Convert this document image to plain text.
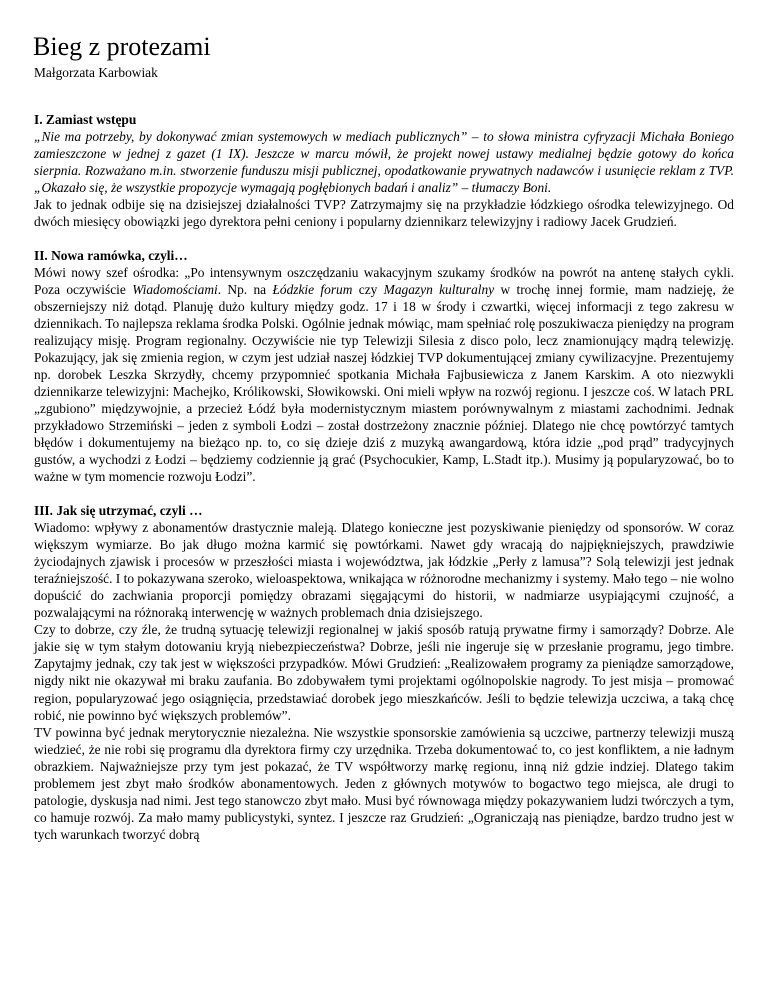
Bieg z protezami
Małgorzata Karbowiak
I. Zamiast wstępu

„Nie ma potrzeby, by dokonywać zmian systemowych w mediach publicznych” – to słowa ministra cyfryzacji Michała Boniego zamieszczone w jednej z gazet (1 IX). Jeszcze w marcu mówił, że projekt nowej ustawy medialnej będzie gotowy do końca sierpnia. Rozważano m.in. stworzenie funduszu misji publicznej, opodatkowanie prywatnych nadawców i usunięcie reklam z TVP. „Okazało się, że wszystkie propozycje wymagają pogłębionych badań i analiz” – tłumaczy Boni.

Jak to jednak odbije się na dzisiejszej działalności TVP? Zatrzymajmy się na przykładzie łódzkiego ośrodka telewizyjnego. Od dwóch miesięcy obowiązki jego dyrektora pełni ceniony i popularny dziennikarz telewizyjny i radiowy Jacek Grudzień.

II. Nowa ramówka, czyli…

Mówi nowy szef ośrodka: „Po intensywnym oszczędzaniu wakacyjnym szukamy środków na powrót na antenę stałych cykli. Poza oczywiście Wiadomościami. Np. na Łódzkie forum czy Magazyn kulturalny w trochę innej formie, mam nadzieję, że obszerniejszy niż dotąd. Planuję dużo kultury między godz. 17 i 18 w środy i czwartki, więcej informacji z tego zakresu w dziennikach. To najlepsza reklama środka Polski. Ogólnie jednak mówiąc, mam spełniać rolę poszukiwacza pieniędzy na program realizujący misję. Program regionalny. Oczywiście nie typ Telewizji Silesia z disco polo, lecz znamionujący mądrą telewizję. Pokazujący, jak się zmienia region, w czym jest udział naszej łódzkiej TVP dokumentującej zmiany cywilizacyjne. Prezentujemy np. dorobek Leszka Skrzydły, chcemy przypomnieć spotkania Michała Fajbusiewicza z Janem Karskim. A oto niezwykli dziennikarze telewizyjni: Machejko, Królikowski, Słowikowski. Oni mieli wpływ na rozwój regionu. I jeszcze coś. W latach PRL „zgubiono” międzywojnie, a przecież Łódź była modernistycznym miastem porównywalnym z miastami zachodnimi. Jednak przykładowo Strzemiński – jeden z symboli Łodzi – został dostrzeżony znacznie później. Dlatego nie chcę powtórzyć tamtych błędów i dokumentujemy na bieżąco np. to, co się dzieje dziś z muzyką awangardową, która idzie „pod prąd” tradycyjnych gustów, a wychodzi z Łodzi – będziemy codziennie ją grać (Psychocukier, Kamp, L.Stadt itp.). Musimy ją popularyzować, bo to ważne w tym momencie rozwoju Łodzi”.

III. Jak się utrzymać, czyli …

Wiadomo: wpływy z abonamentów drastycznie maleją. Dlatego konieczne jest pozyskiwanie pieniędzy od sponsorów. W coraz większym wymiarze. Bo jak długo można karmić się powtórkami. Nawet gdy wracają do najpiękniejszych, prawdziwie życiodajnych zjawisk i procesów w przeszłości miasta i województwa, jak łódzkie „Perły z lamusa”? Solą telewizji jest jednak teraźniejszość. I to pokazywana szeroko, wieloaspektowa, wnikająca w różnorodne mechanizmy i systemy. Mało tego – nie wolno dopuścić do zachwiania proporcji pomiędzy obrazami sięgającymi do historii, w nadmiarze usypiającymi czujność, a pozwalającymi na różnoraką interwencję w ważnych problemach dnia dzisiejszego.

Czy to dobrze, czy źle, że trudną sytuację telewizji regionalnej w jakiś sposób ratują prywatne firmy i samorządy? Dobrze. Ale jakie się w tym stałym dotowaniu kryją niebezpieczeństwa? Dobrze, jeśli nie ingeruje się w przesłanie programu, jego timbre. Zapytajmy jednak, czy tak jest w większości przypadków. Mówi Grudzień: „Realizowałem programy za pieniądze samorządowe, nigdy nikt nie okazywał mi braku zaufania. Bo zdobywałem tymi projektami ogólnopolskie nagrody. To jest misja – promować region, popularyzować jego osiągnięcia, przedstawiać dorobek jego mieszkańców. Jeśli to będzie telewizja uczciwa, a taką chcę robić, nie powinno być większych problemów”.

TV powinna być jednak merytorycznie niezależna. Nie wszystkie sponsorskie zamówienia są uczciwe, partnerzy telewizji muszą wiedzieć, że nie robi się programu dla dyrektora firmy czy urzędnika. Trzeba dokumentować to, co jest konfliktem, a nie ładnym obrazkiem. Najważniejsze przy tym jest pokazać, że TV współtworzy markę regionu, inną niż gdzie indziej. Dlatego takim problemem jest zbyt mało środków abonamentowych. Jeden z głównych motywów to bogactwo tego miejsca, ale drugi to patologie, dyskusja nad nimi. Jest tego stanowczo zbyt mało. Musi być równowaga między pokazywaniem ludzi twórczych a tym, co hamuje rozwój. Za mało mamy publicystyki, syntez. I jeszcze raz Grudzień: „Ograniczają nas pieniądze, bardzo trudno jest w tych warunkach tworzyć dobrą
